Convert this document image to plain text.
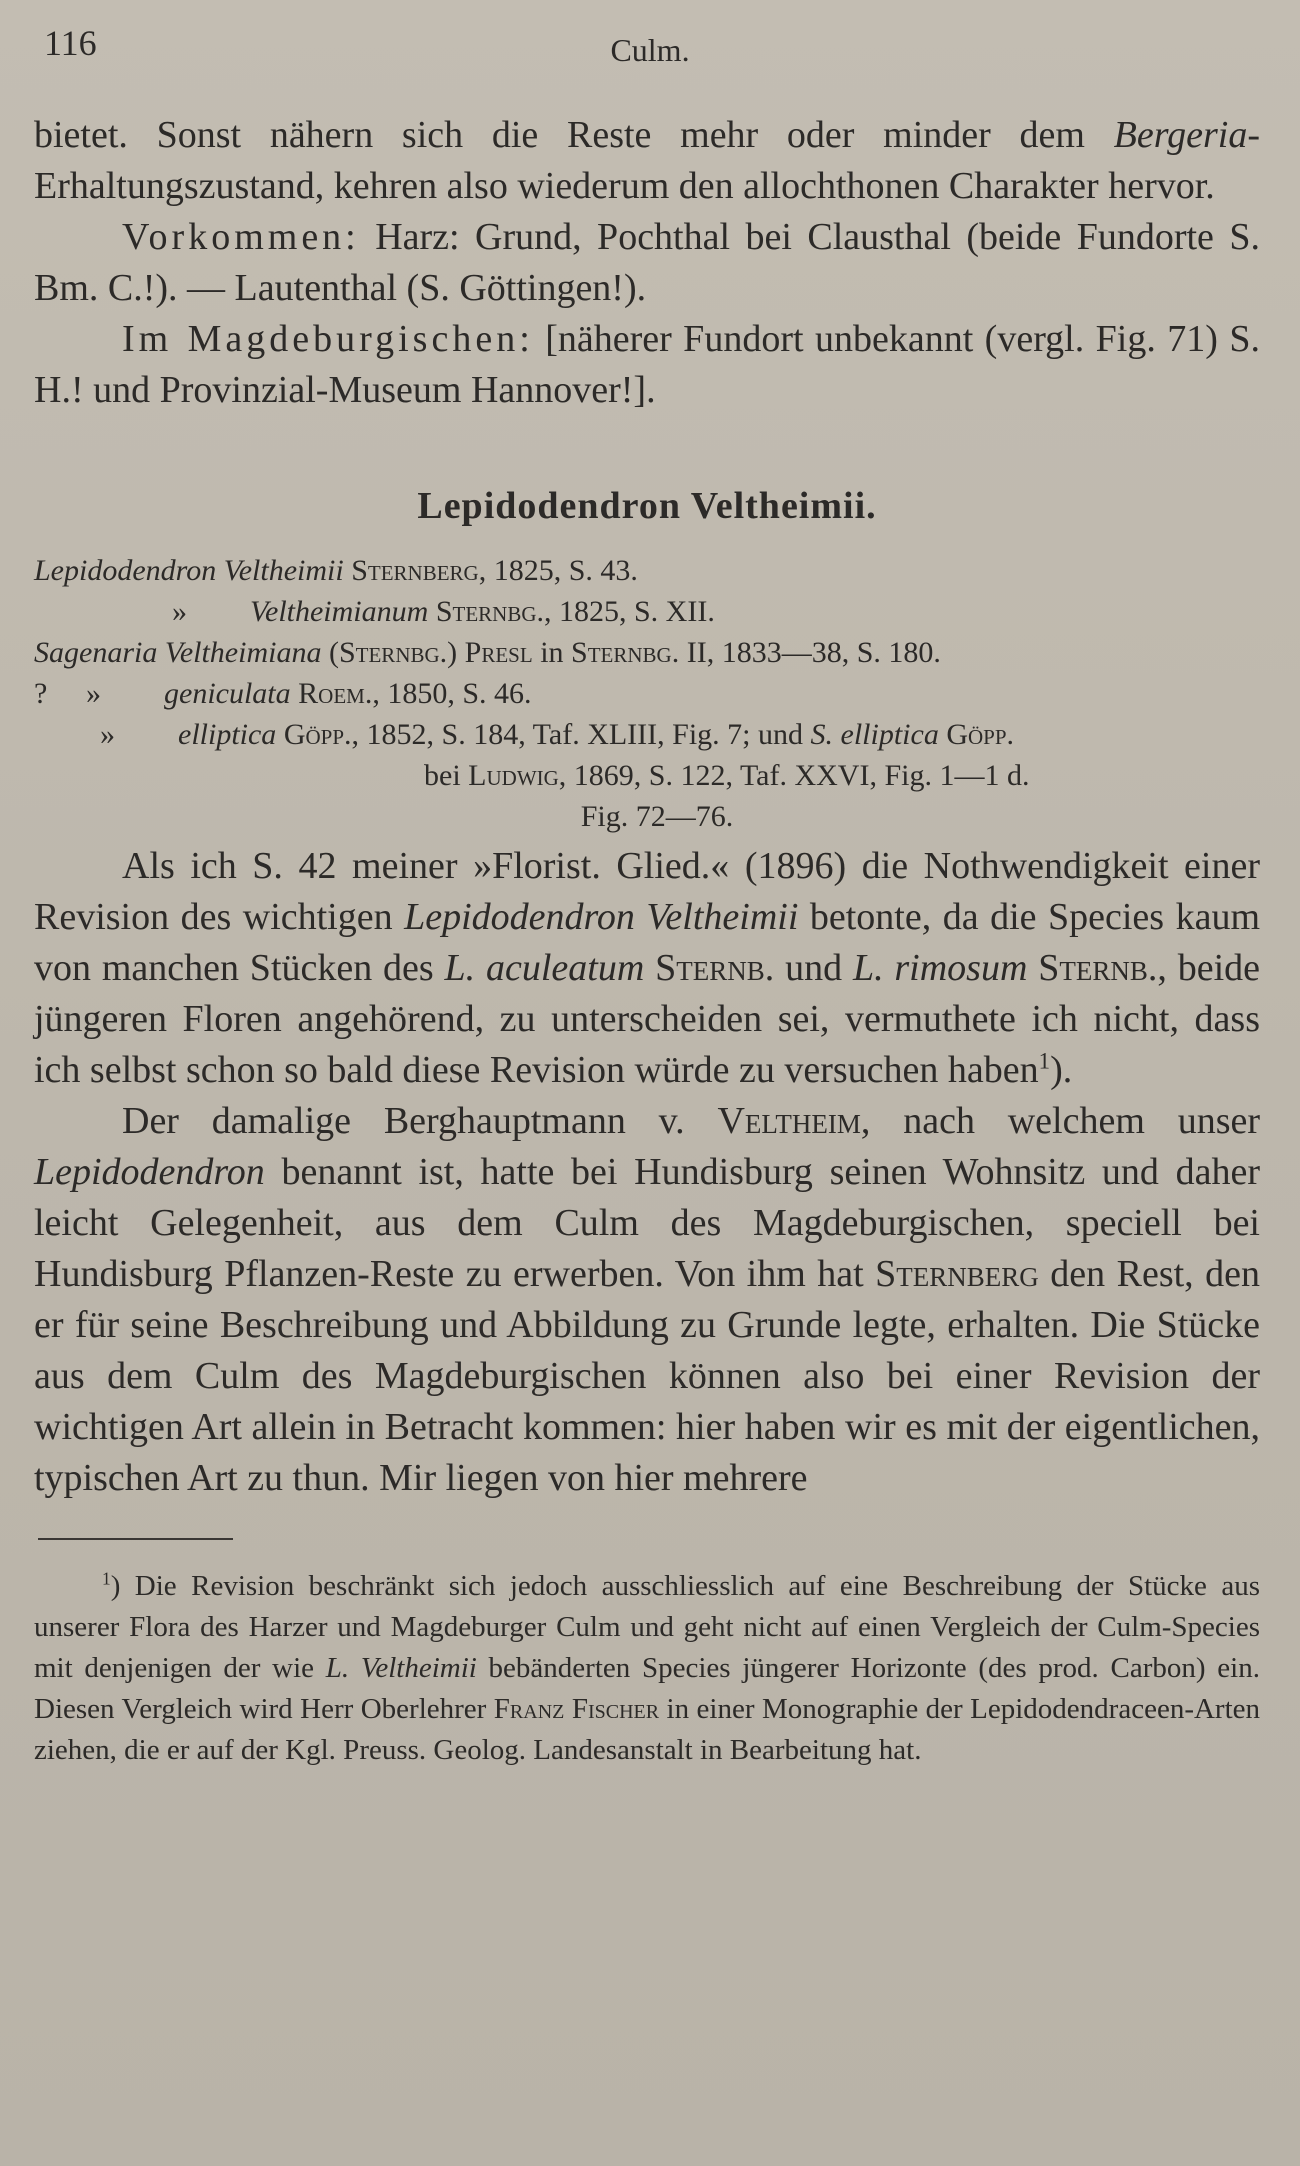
116	Culm.

bietet. Sonst nähern sich die Reste mehr oder minder dem Bergeria-Erhaltungszustand, kehren also wiederum den allochthonen Charakter hervor.

Vorkommen: Harz: Grund, Pochthal bei Clausthal (beide Fundorte S. Bm. C.!). — Lautenthal (S. Göttingen!).

Im Magdeburgischen: [näherer Fundort unbekannt (vergl. Fig. 71) S. H.! und Provinzial-Museum Hannover!].

Lepidodendron Veltheimii.
Lepidodendron Veltheimii Sternberg, 1825, S. 43.
» Veltheimianum Sternbg., 1825, S. XII.
Sagenaria Veltheimiana (Sternbg.) Presl in Sternbg. II, 1833—38, S. 180.
? » geniculata Roem., 1850, S. 46.
» elliptica Göpp., 1852, S. 184, Taf. XLIII, Fig. 7; und S. elliptica Göpp.
bei Ludwig, 1869, S. 122, Taf. XXVI, Fig. 1—1 d.
Fig. 72—76.

Als ich S. 42 meiner »Florist. Glied.« (1896) die Nothwendigkeit einer Revision des wichtigen Lepidodendron Veltheimii betonte, da die Species kaum von manchen Stücken des L. aculeatum Sternb. und L. rimosum Sternb., beide jüngeren Floren angehörend, zu unterscheiden sei, vermuthete ich nicht, dass ich selbst schon so bald diese Revision würde zu versuchen haben$^1$).

Der damalige Berghauptmann v. Veltheim, nach welchem unser Lepidodendron benannt ist, hatte bei Hundisburg seinen Wohnsitz und daher leicht Gelegenheit, aus dem Culm des Magdeburgischen, speciell bei Hundisburg Pflanzen-Reste zu erwerben. Von ihm hat Sternberg den Rest, den er für seine Beschreibung und Abbildung zu Grunde legte, erhalten. Die Stücke aus dem Culm des Magdeburgischen können also bei einer Revision der wichtigen Art allein in Betracht kommen: hier haben wir es mit der eigentlichen, typischen Art zu thun. Mir liegen von hier mehrere

$^1$) Die Revision beschränkt sich jedoch ausschliesslich auf eine Beschreibung der Stücke aus unserer Flora des Harzer und Magdeburger Culm und geht nicht auf einen Vergleich der Culm-Species mit denjenigen der wie L. Veltheimii bebänderten Species jüngerer Horizonte (des prod. Carbon) ein. Diesen Vergleich wird Herr Oberlehrer Franz Fischer in einer Monographie der Lepidodendraceen-Arten ziehen, die er auf der Kgl. Preuss. Geolog. Landesanstalt in Bearbeitung hat.
